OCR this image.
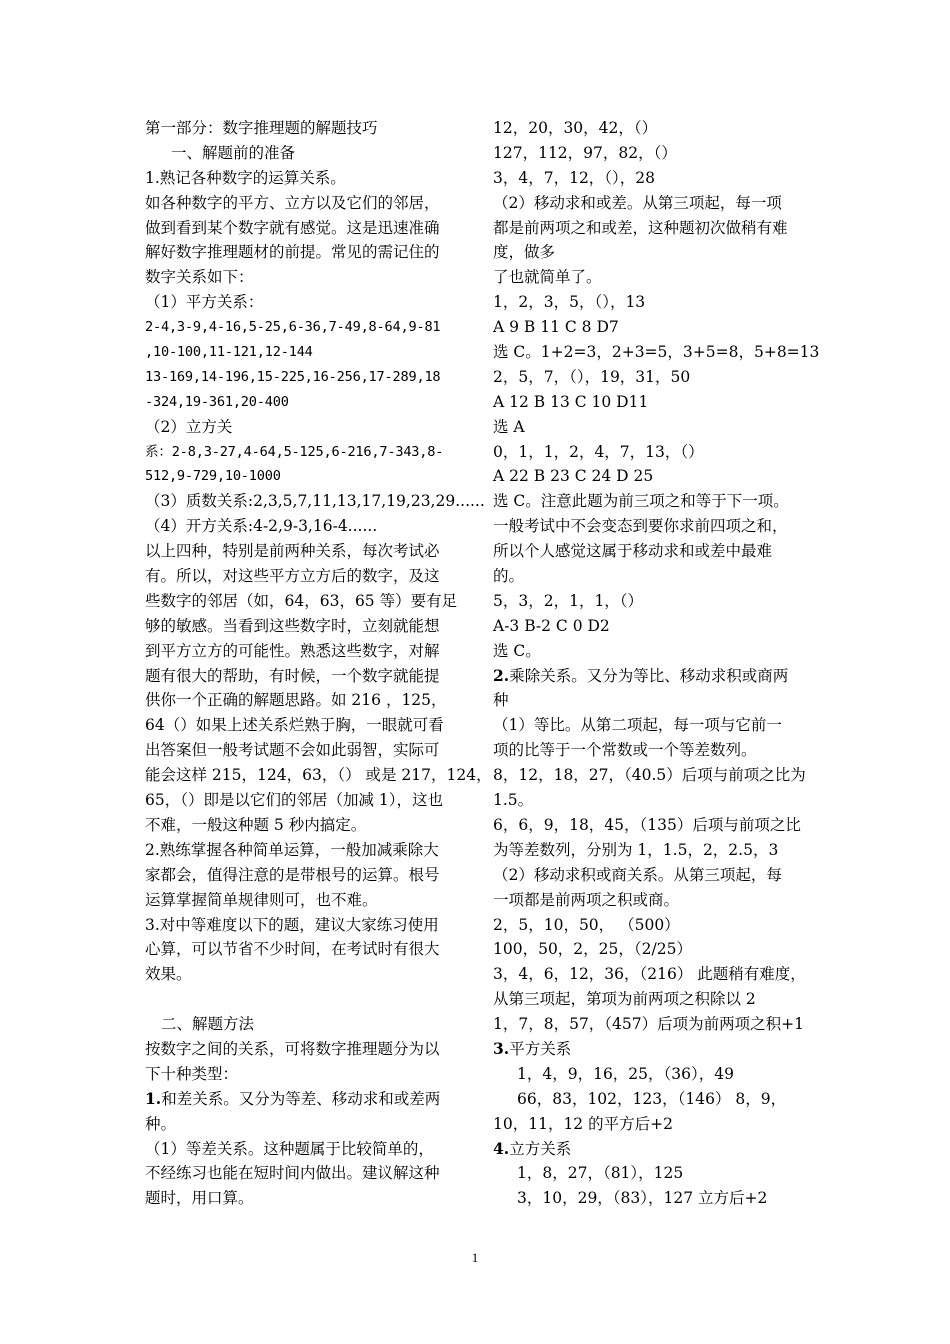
第一部分：数字推理题的解题技巧
一、解题前的准备
1.熟记各种数字的运算关系。
如各种数字的平方、立方以及它们的邻居，
做到看到某个数字就有感觉。这是迅速准确
解好数字推理题材的前提。常见的需记住的
数字关系如下：
（1）平方关系：
2-4,3-9,4-16,5-25,6-36,7-49,8-64,9-81
,10-100,11-121,12-144
13-169,14-196,15-225,16-256,17-289,18
-324,19-361,20-400
（2）立方关
系：2-8,3-27,4-64,5-125,6-216,7-343,8-
512,9-729,10-1000
（3）质数关系:2,3,5,7,11,13,17,19,23,29......
（4）开方关系:4-2,9-3,16-4......
以上四种，特别是前两种关系，每次考试必
有。所以，对这些平方立方后的数字，及这
些数字的邻居（如，64，63，65 等）要有足
够的敏感。当看到这些数字时，立刻就能想
到平方立方的可能性。熟悉这些数字，对解
题有很大的帮助，有时候，一个数字就能提
供你一个正确的解题思路。如 216 ，125，
64（）如果上述关系烂熟于胸，一眼就可看
出答案但一般考试题不会如此弱智，实际可
能会这样 215，124，63，（） 或是 217，124，
65，（）即是以它们的邻居（加减 1），这也
不难，一般这种题 5 秒内搞定。
2.熟练掌握各种简单运算，一般加减乘除大
家都会，值得注意的是带根号的运算。根号
运算掌握简单规律则可，也不难。
3.对中等难度以下的题，建议大家练习使用
心算，可以节省不少时间，在考试时有很大
效果。
二、解题方法
按数字之间的关系，可将数字推理题分为以
下十种类型：
1.和差关系。又分为等差、移动求和或差两
种。
（1）等差关系。这种题属于比较简单的，
不经练习也能在短时间内做出。建议解这种
题时，用口算。
12，20，30，42，（）
127，112，97，82，（）
3，4，7，12，（），28
（2）移动求和或差。从第三项起，每一项
都是前两项之和或差，这种题初次做稍有难
度，做多
了也就简单了。
1，2，3，5，（），13
A 9 B 11 C 8 D7
选 C。1+2=3，2+3=5，3+5=8，5+8=13
2，5，7，（），19，31，50
A 12 B 13 C 10 D11
选 A
0，1，1，2，4，7，13，（）
A 22 B 23 C 24 D 25
选 C。注意此题为前三项之和等于下一项。
一般考试中不会变态到要你求前四项之和，
所以个人感觉这属于移动求和或差中最难
的。
5，3，2，1，1，（）
A-3 B-2 C 0 D2
选 C。
2.乘除关系。又分为等比、移动求积或商两
种
（1）等比。从第二项起，每一项与它前一
项的比等于一个常数或一个等差数列。
8，12，18，27，（40.5）后项与前项之比为
1.5。
6，6，9，18，45，（135）后项与前项之比
为等差数列，分别为 1，1.5，2，2.5，3
（2）移动求积或商关系。从第三项起，每
一项都是前两项之积或商。
2，5，10，50， （500）
100，50，2，25，（2/25）
3，4，6，12，36，（216） 此题稍有难度，
从第三项起，第项为前两项之积除以 2
1，7，8，57，（457）后项为前两项之积+1
3.平方关系
1，4，9，16，25，（36），49
66，83，102，123，（146） 8，9，
10，11，12 的平方后+2
4.立方关系
1，8，27，（81），125
3，10，29，（83），127 立方后+2
1
